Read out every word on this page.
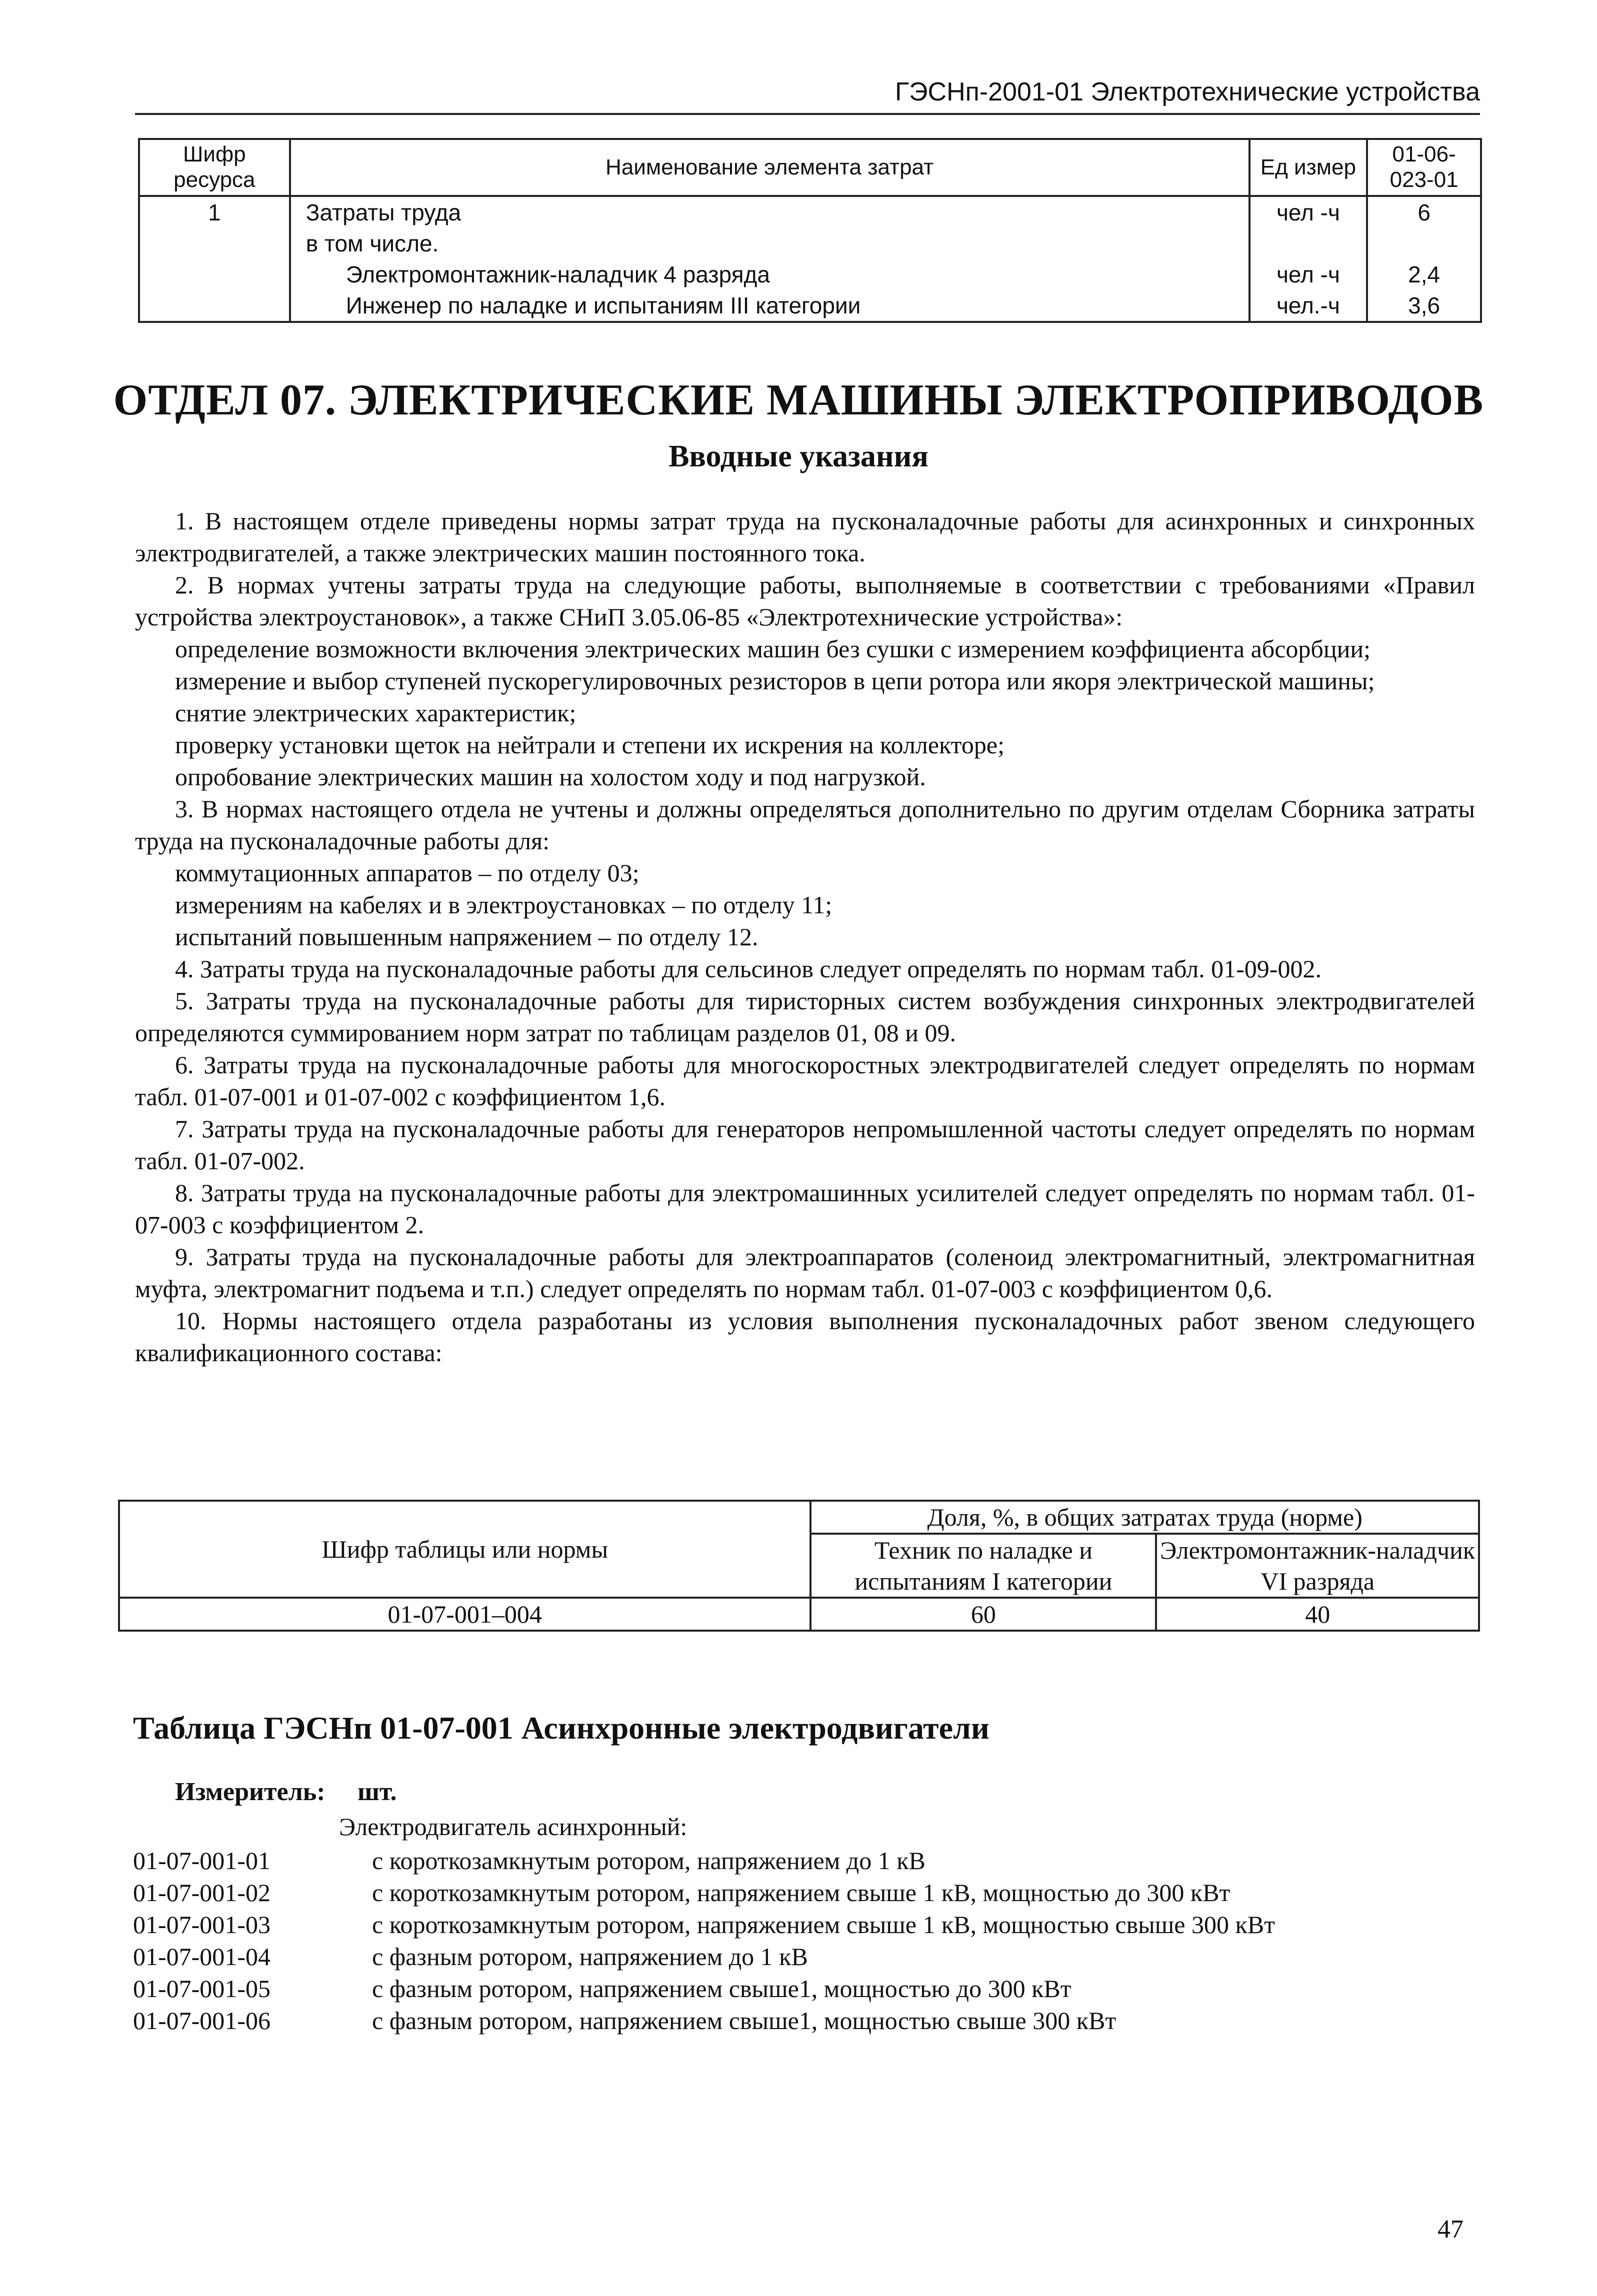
ГЭСНп-2001-01 Электротехнические устройства
Шифр ресурса	Наименование элемента затрат	Ед измер	01-06-
023-01
1	Затраты труда	чел -ч	6
	в том числе.		
	Электромонтажник-наладчик 4 разряда	чел -ч	2,4
	Инженер по наладке и испытаниям III категории	чел.-ч	3,6
ОТДЕЛ 07. ЭЛЕКТРИЧЕСКИЕ МАШИНЫ ЭЛЕКТРОПРИВОДОВ
Вводные указания

1. В настоящем отделе приведены нормы затрат труда на пусконаладочные работы для асинхронных и синхронных электродвигателей, а также электрических машин постоянного тока.

2. В нормах учтены затраты труда на следующие работы, выполняемые в соответствии с требованиями «Правил устройства электроустановок», а также СНиП 3.05.06-85 «Электротехнические устройства»:

определение возможности включения электрических машин без сушки с измерением коэффициента абсорбции;

измерение и выбор ступеней пускорегулировочных резисторов в цепи ротора или якоря электрической машины;

снятие электрических характеристик;

проверку установки щеток на нейтрали и степени их искрения на коллекторе;

опробование электрических машин на холостом ходу и под нагрузкой.

3. В нормах настоящего отдела не учтены и должны определяться дополнительно по другим отделам Сборника затраты труда на пусконаладочные работы для:

коммутационных аппаратов – по отделу 03;

измерениям на кабелях и в электроустановках – по отделу 11;

испытаний повышенным напряжением – по отделу 12.

4. Затраты труда на пусконаладочные работы для сельсинов следует определять по нормам табл. 01-09-002.

5. Затраты труда на пусконаладочные работы для тиристорных систем возбуждения синхронных электродвигателей определяются суммированием норм затрат по таблицам разделов 01, 08 и 09.

6. Затраты труда на пусконаладочные работы для многоскоростных электродвигателей следует определять по нормам табл. 01-07-001 и 01-07-002 с коэффициентом 1,6.

7. Затраты труда на пусконаладочные работы для генераторов непромышленной частоты следует определять по нормам табл. 01-07-002.

8. Затраты труда на пусконаладочные работы для электромашинных усилителей следует определять по нормам табл. 01-07-003 с коэффициентом 2.

9. Затраты труда на пусконаладочные работы для электроаппаратов (соленоид электромагнитный, электромагнитная муфта, электромагнит подъема и т.п.) следует определять по нормам табл. 01-07-003 с коэффициентом 0,6.

10. Нормы настоящего отдела разработаны из условия выполнения пусконаладочных работ звеном следующего квалификационного состава:

Шифр таблицы или нормы	Доля, %, в общих затратах труда (норме)	
	Техник по наладке и испытаниям I категории	Электромонтажник-наладчик VI разряда
01-07-001–004	60	40
Таблица ГЭСНп 01-07-001 Асинхронные электродвигатели
Измеритель: шт.
Электродвигатель асинхронный:
01-07-001-01	с короткозамкнутым ротором, напряжением до 1 кВ
01-07-001-02	с короткозамкнутым ротором, напряжением свыше 1 кВ, мощностью до 300 кВт
01-07-001-03	с короткозамкнутым ротором, напряжением свыше 1 кВ, мощностью свыше 300 кВт
01-07-001-04	с фазным ротором, напряжением до 1 кВ
01-07-001-05	с фазным ротором, напряжением свыше1, мощностью до 300 кВт
01-07-001-06	с фазным ротором, напряжением свыше1, мощностью свыше 300 кВт
47
